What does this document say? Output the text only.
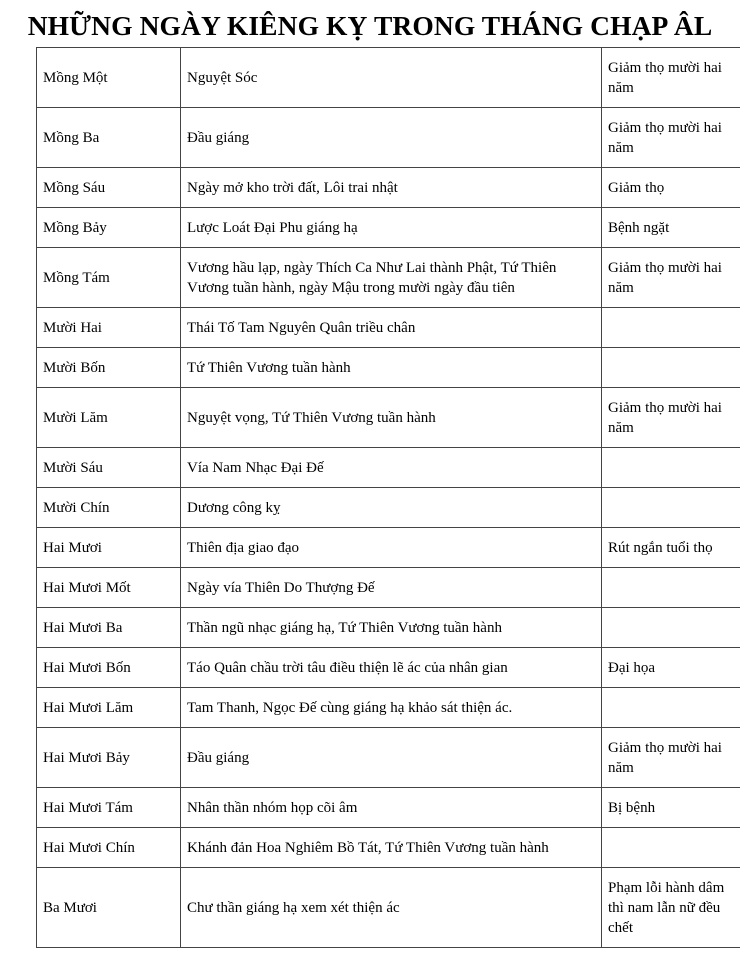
NHỮNG NGÀY KIÊNG KỴ TRONG THÁNG CHẠP ÂL
Mồng Một	Nguyệt Sóc	Giảm thọ mười hai năm
Mồng Ba	Đầu giáng	Giảm thọ mười hai năm
Mồng Sáu	Ngày mở kho trời đất, Lôi trai nhật	Giảm thọ
Mồng Bảy	Lược Loát Đại Phu giáng hạ	Bệnh ngặt
Mồng Tám	Vương hầu lạp, ngày Thích Ca Như Lai thành Phật, Tứ Thiên Vương tuần hành, ngày Mậu trong mười ngày đầu tiên	Giảm thọ mười hai năm
Mười Hai	Thái Tố Tam Nguyên Quân triều chân	
Mười Bốn	Tứ Thiên Vương tuần hành	
Mười Lăm	Nguyệt vọng, Tứ Thiên Vương tuần hành	Giảm thọ mười hai năm
Mười Sáu	Vía Nam Nhạc Đại Đế	
Mười Chín	Dương công kỵ	
Hai Mươi	Thiên địa giao đạo	Rút ngắn tuổi thọ
Hai Mươi Mốt	Ngày vía Thiên Do Thượng Đế	
Hai Mươi Ba	Thần ngũ nhạc giáng hạ, Tứ Thiên Vương tuần hành	
Hai Mươi Bốn	Táo Quân chầu trời tâu điều thiện lẽ ác của nhân gian	Đại họa
Hai Mươi Lăm	Tam Thanh, Ngọc Đế cùng giáng hạ khảo sát thiện ác.	
Hai Mươi Bảy	Đầu giáng	Giảm thọ mười hai năm
Hai Mươi Tám	Nhân thần nhóm họp cõi âm	Bị bệnh
Hai Mươi Chín	Khánh đản Hoa Nghiêm Bồ Tát, Tứ Thiên Vương tuần hành	
Ba Mươi	Chư thần giáng hạ xem xét thiện ác	Phạm lỗi hành dâm thì nam lẫn nữ đều chết
